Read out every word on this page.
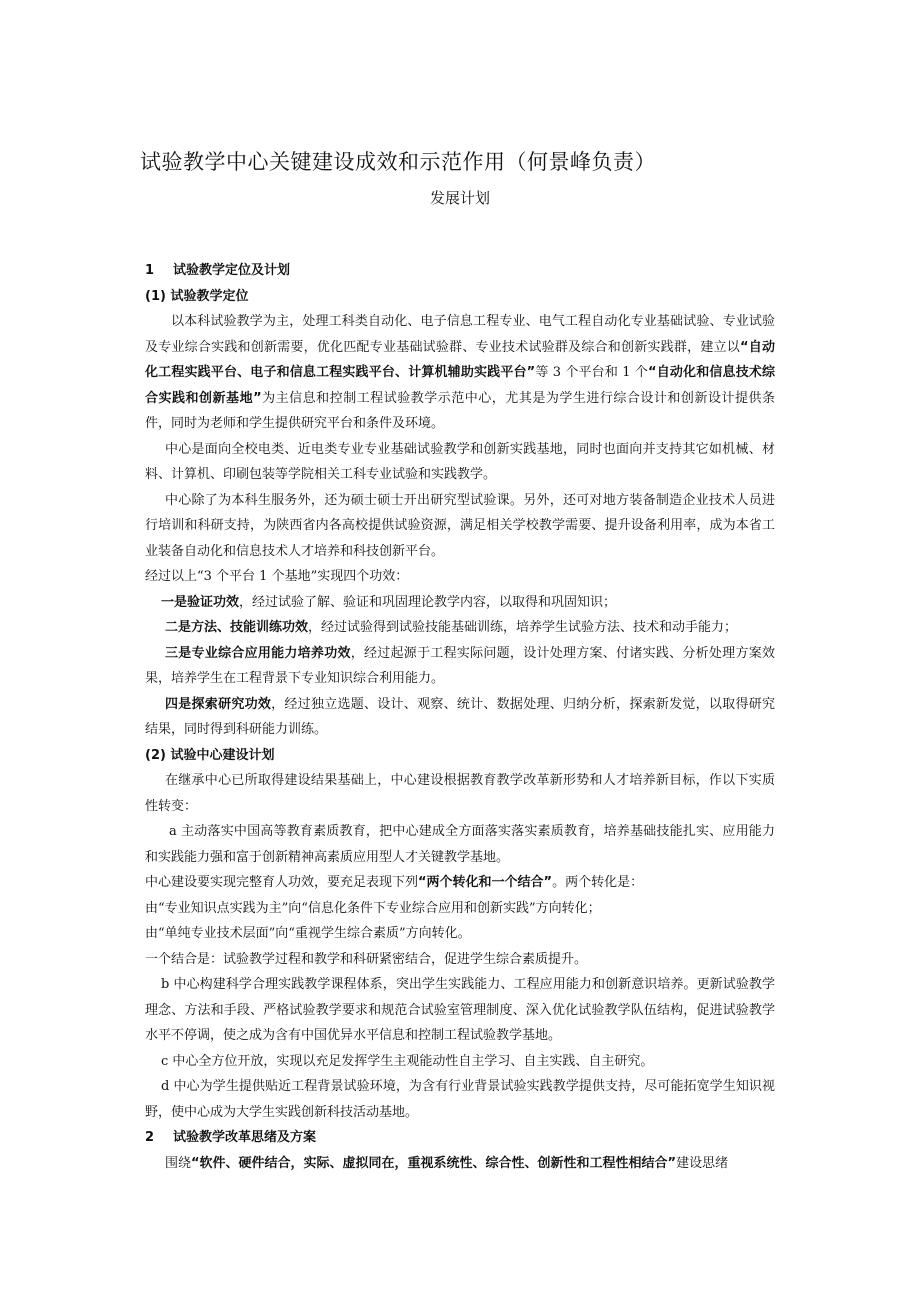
试验教学中心关键建设成效和示范作用（何景峰负责）
发展计划

1 试验教学定位及计划

(1) 试验教学定位

以本科试验教学为主，处理工科类自动化、电子信息工程专业、电气工程自动化专业基础试验、专业试验及专业综合实践和创新需要，优化匹配专业基础试验群、专业技术试验群及综合和创新实践群，建立以“自动化工程实践平台、电子和信息工程实践平台、计算机辅助实践平台”等 3 个平台和 1 个“自动化和信息技术综合实践和创新基地”为主信息和控制工程试验教学示范中心，尤其是为学生进行综合设计和创新设计提供条件，同时为老师和学生提供研究平台和条件及环境。

中心是面向全校电类、近电类专业专业基础试验教学和创新实践基地，同时也面向并支持其它如机械、材料、计算机、印刷包装等学院相关工科专业试验和实践教学。

中心除了为本科生服务外，还为硕士硕士开出研究型试验课。另外，还可对地方装备制造企业技术人员进行培训和科研支持，为陕西省内各高校提供试验资源，满足相关学校教学需要、提升设备利用率，成为本省工业装备自动化和信息技术人才培养和科技创新平台。

经过以上“3 个平台 1 个基地”实现四个功效：

一是验证功效，经过试验了解、验证和巩固理论教学内容，以取得和巩固知识；

二是方法、技能训练功效，经过试验得到试验技能基础训练，培养学生试验方法、技术和动手能力；

三是专业综合应用能力培养功效，经过起源于工程实际问题，设计处理方案、付诸实践、分析处理方案效果，培养学生在工程背景下专业知识综合利用能力。

四是探索研究功效，经过独立选题、设计、观察、统计、数据处理、归纳分析，探索新发觉，以取得研究结果，同时得到科研能力训练。

(2) 试验中心建设计划

在继承中心已所取得建设结果基础上，中心建设根据教育教学改革新形势和人才培养新目标，作以下实质性转变：

a 主动落实中国高等教育素质教育，把中心建成全方面落实落实素质教育，培养基础技能扎实、应用能力和实践能力强和富于创新精神高素质应用型人才关键教学基地。

中心建设要实现完整育人功效，要充足表现下列“两个转化和一个结合”。两个转化是：

由“专业知识点实践为主”向“信息化条件下专业综合应用和创新实践”方向转化；

由“单纯专业技术层面”向“重视学生综合素质”方向转化。

一个结合是：试验教学过程和教学和科研紧密结合，促进学生综合素质提升。

b 中心构建科学合理实践教学课程体系，突出学生实践能力、工程应用能力和创新意识培养。更新试验教学理念、方法和手段、严格试验教学要求和规范合试验室管理制度、深入优化试验教学队伍结构，促进试验教学水平不停调，使之成为含有中国优异水平信息和控制工程试验教学基地。

c 中心全方位开放，实现以充足发挥学生主观能动性自主学习、自主实践、自主研究。

d 中心为学生提供贴近工程背景试验环境，为含有行业背景试验实践教学提供支持，尽可能拓宽学生知识视野，使中心成为大学生实践创新科技活动基地。

2 试验教学改革思绪及方案

围绕“软件、硬件结合，实际、虚拟同在，重视系统性、综合性、创新性和工程性相结合”建设思绪
